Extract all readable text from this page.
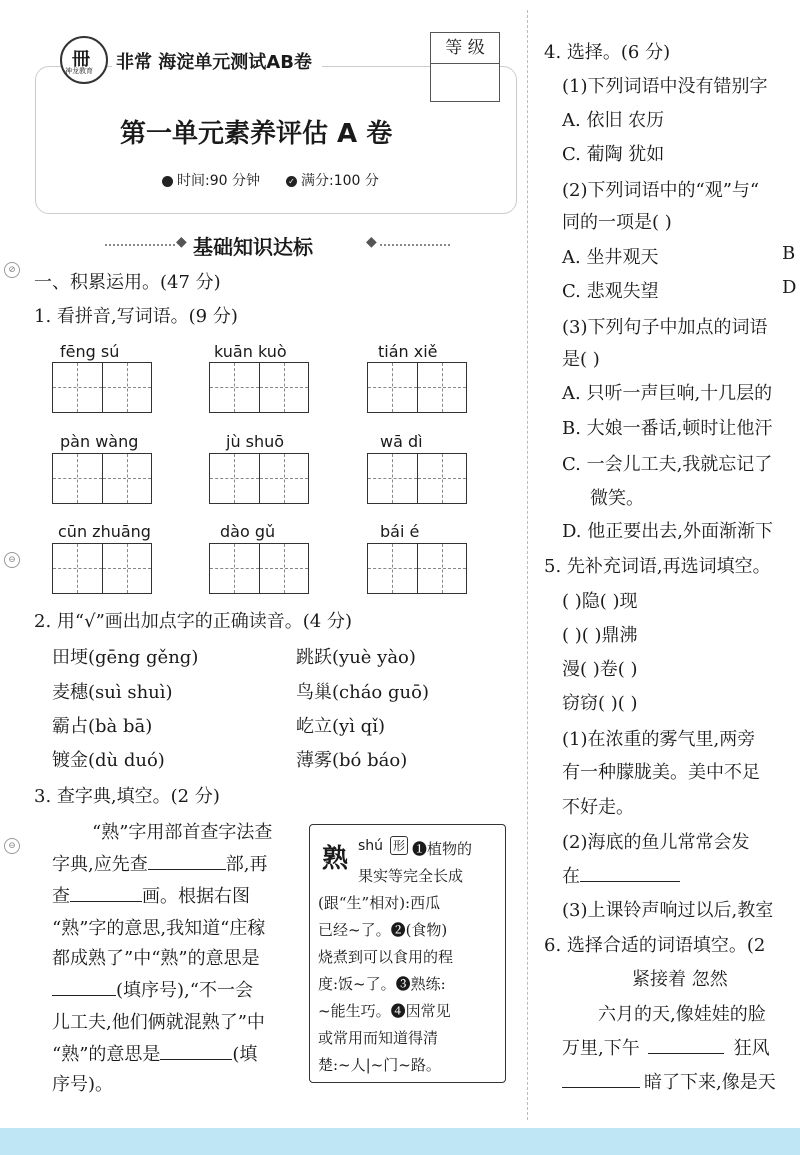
⊘
⊖
⊖
冊
神龙教育 非常 海淀单元测试AB卷
等 级
第一单元素养评估 A 卷
时间:90 分钟	✓ 满分:100 分
◆	◆
基础知识达标
一、积累运用。(47 分)
1. 看拼音,写词语。(9 分)
fēng sú	kuān kuò	tián xiě
pàn wàng	jù shuō	wā dì
cūn zhuāng	dào gǔ	bái é
2. 用“√”画出加点字的正确读音。(4 分)
田埂(gēng gěng)	跳跃(yuè yào)
麦穗(suì shuì)	鸟巢(cháo guō)
霸占(bà bā)	屹立(yì qǐ)
镀金(dù duó)	薄雾(bó báo)
3. 查字典,填空。(2 分)
“熟”字用部首查字法查
字典,应先查	部,再
查	画。根据右图
“熟”字的意思,我知道“庄稼
都成熟了”中“熟”的意思是
(填序号),“不一会
儿工夫,他们俩就混熟了”中
“熟”的意思是	(填
序号)。
熟 shú 形 ❶植物的
果实等完全长成
(跟“生”相对):西瓜
已经~了。❷(食物)
烧煮到可以食用的程
度:饭~了。❸熟练:
~能生巧。❹因常见
或常用而知道得清
楚:~人|~门~路。
4. 选择。(6 分)
(1)下列词语中没有错别字
A. 依旧 农历
C. 葡陶 犹如
(2)下列词语中的“观”与“
同的一项是( )
A. 坐井观天	B
C. 悲观失望	D
(3)下列句子中加点的词语
是( )
A. 只听一声巨响,十几层的
B. 大娘一番话,顿时让他汗
C. 一会儿工夫,我就忘记了
微笑。
D. 他正要出去,外面渐渐下
5. 先补充词语,再选词填空。
( )隐( )现
( )( )鼎沸
漫( )卷( )
窃窃( )( )
(1)在浓重的雾气里,两旁
有一种朦胧美。美中不足
不好走。
(2)海底的鱼儿常常会发
在
(3)上课铃声响过以后,教室
6. 选择合适的词语填空。(2
紧接着 忽然
六月的天,像娃娃的脸
万里,下午	狂风
暗了下来,像是天
